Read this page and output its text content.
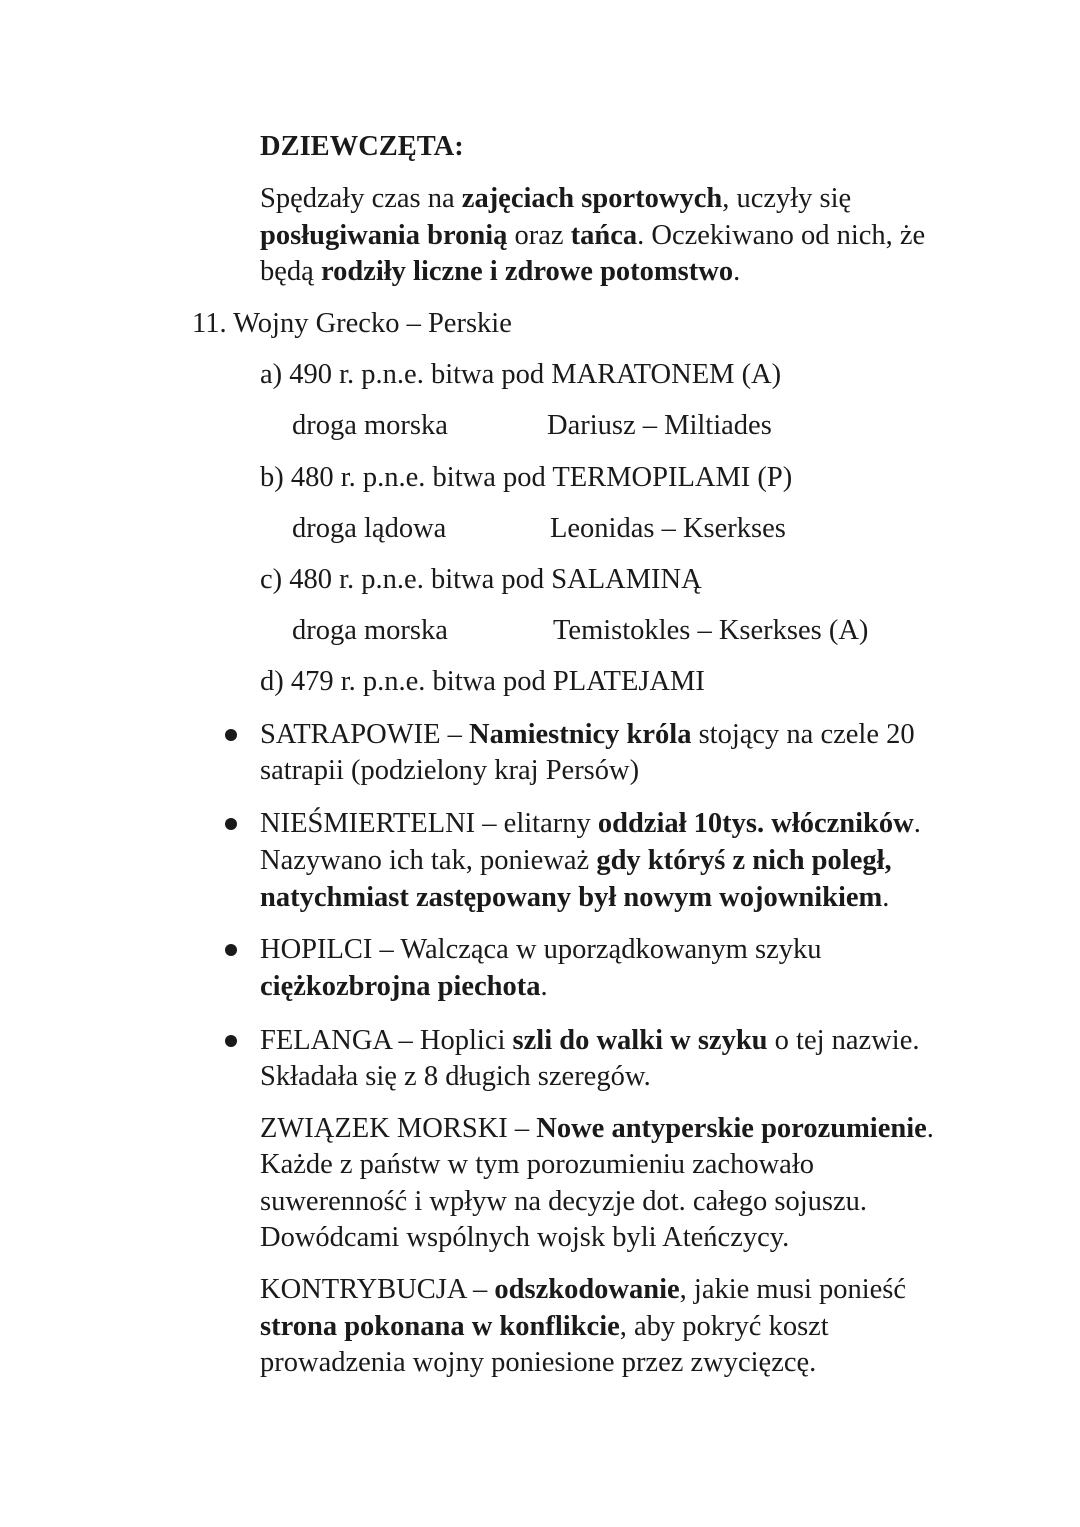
DZIEWCZĘTA:
Spędzały czas na zajęciach sportowych, uczyły się
posługiwania bronią oraz tańca. Oczekiwano od nich, że
będą rodziły liczne i zdrowe potomstwo.
11. Wojny Grecko – Perskie
a) 490 r. p.n.e. bitwa pod MARATONEM (A)
droga morska	Dariusz – Miltiades
b) 480 r. p.n.e. bitwa pod TERMOPILAMI (P)
droga lądowa	Leonidas – Kserkses
c) 480 r. p.n.e. bitwa pod SALAMINĄ
droga morska	Temistokles – Kserkses (A)
d) 479 r. p.n.e. bitwa pod PLATEJAMI
SATRAPOWIE – Namiestnicy króla stojący na czele 20
satrapii (podzielony kraj Persów)
NIEŚMIERTELNI – elitarny oddział 10tys. włóczników.
Nazywano ich tak, ponieważ gdy któryś z nich poległ,
natychmiast zastępowany był nowym wojownikiem.
HOPILCI – Walcząca w uporządkowanym szyku
ciężkozbrojna piechota.
FELANGA – Hoplici szli do walki w szyku o tej nazwie.
Składała się z 8 długich szeregów.
ZWIĄZEK MORSKI – Nowe antyperskie porozumienie.
Każde z państw w tym porozumieniu zachowało
suwerenność i wpływ na decyzje dot. całego sojuszu.
Dowódcami wspólnych wojsk byli Ateńczycy.
KONTRYBUCJA – odszkodowanie, jakie musi ponieść
strona pokonana w konflikcie, aby pokryć koszt
prowadzenia wojny poniesione przez zwycięzcę.
